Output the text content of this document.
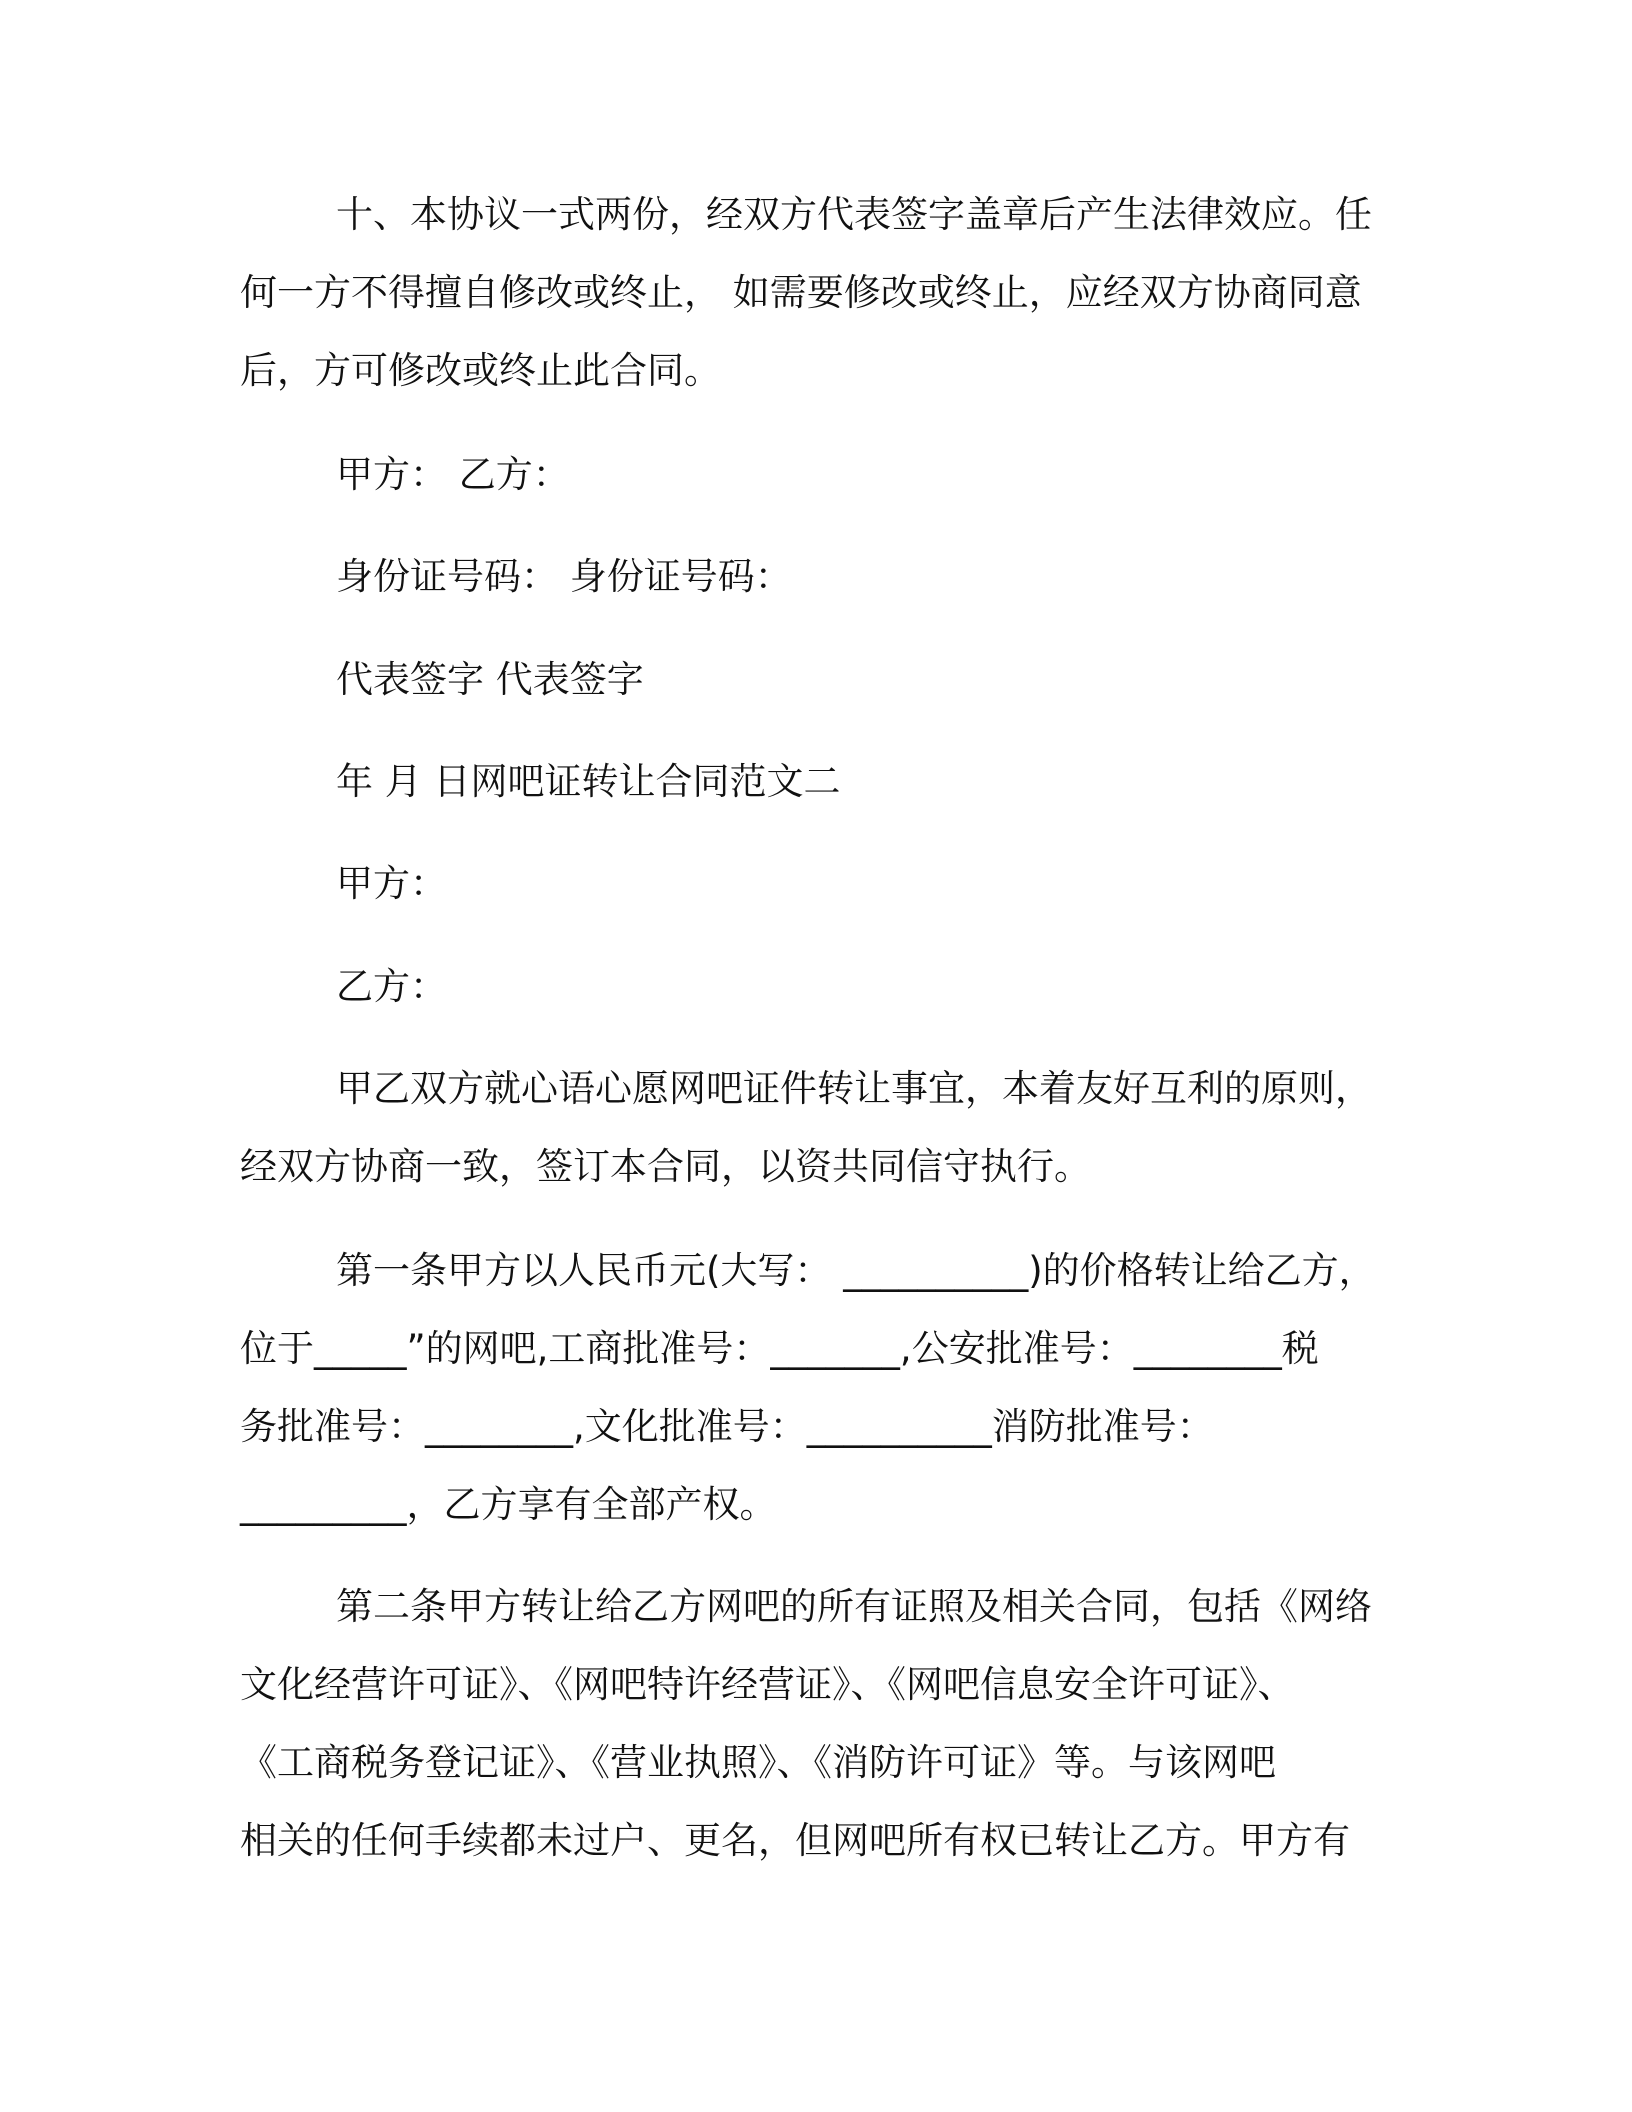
十、本协议一式两份，经双方代表签字盖章后产生法律效应。任
何一方不得擅自修改或终止， 如需要修改或终止，应经双方协商同意
后，方可修改或终止此合同。
甲方： 乙方：
身份证号码： 身份证号码：
代表签字 代表签字
年 月 日网吧证转让合同范文二
甲方：
乙方：
甲乙双方就心语心愿网吧证件转让事宜，本着友好互利的原则，
经双方协商一致，签订本合同，以资共同信守执行。
第一条甲方以人民币元(大写： __________)的价格转让给乙方，
位于_____”的网吧,工商批准号：_______,公安批准号：________税
务批准号：________,文化批准号：__________消防批准号：
_________，乙方享有全部产权。
第二条甲方转让给乙方网吧的所有证照及相关合同，包括《网络
文化经营许可证》、《网吧特许经营证》、《网吧信息安全许可证》、
《工商税务登记证》、《营业执照》、《消防许可证》等。与该网吧
相关的任何手续都未过户、更名，但网吧所有权已转让乙方。甲方有
